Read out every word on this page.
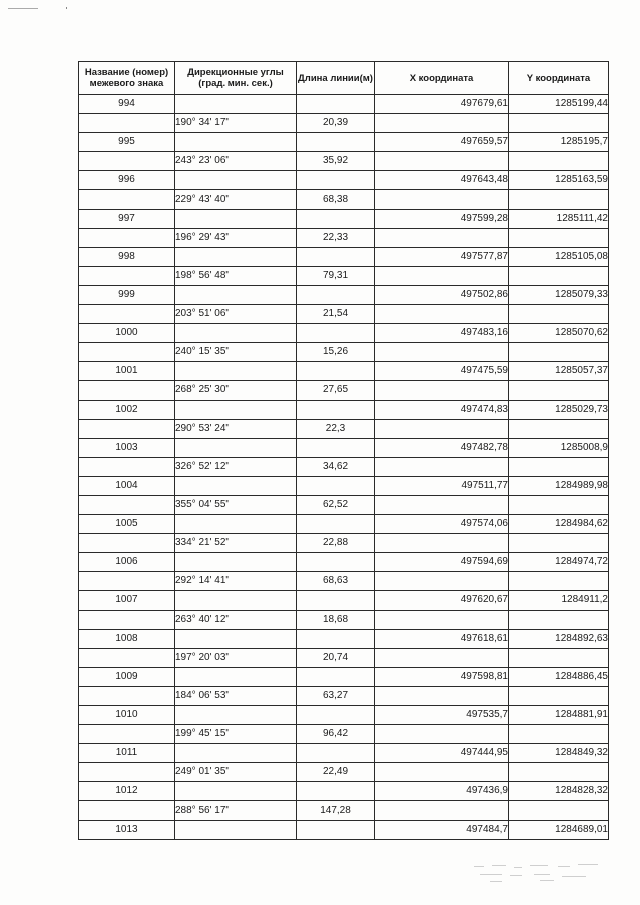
Название (номер) межевого знака	Дирекционные углы (град. мин. сек.)	Длина линии(м)	X координата	Y координата
994			497679,61	1285199,44
	190° 34' 17"	20,39		
995			497659,57	1285195,7
	243° 23' 06"	35,92		
996			497643,48	1285163,59
	229° 43' 40"	68,38		
997			497599,28	1285111,42
	196° 29' 43"	22,33		
998			497577,87	1285105,08
	198° 56' 48"	79,31		
999			497502,86	1285079,33
	203° 51' 06"	21,54		
1000			497483,16	1285070,62
	240° 15' 35"	15,26		
1001			497475,59	1285057,37
	268° 25' 30"	27,65		
1002			497474,83	1285029,73
	290° 53' 24"	22,3		
1003			497482,78	1285008,9
	326° 52' 12"	34,62		
1004			497511,77	1284989,98
	355° 04' 55"	62,52		
1005			497574,06	1284984,62
	334° 21' 52"	22,88		
1006			497594,69	1284974,72
	292° 14' 41"	68,63		
1007			497620,67	1284911,2
	263° 40' 12"	18,68		
1008			497618,61	1284892,63
	197° 20' 03"	20,74		
1009			497598,81	1284886,45
	184° 06' 53"	63,27		
1010			497535,7	1284881,91
	199° 45' 15"	96,42		
1011			497444,95	1284849,32
	249° 01' 35"	22,49		
1012			497436,9	1284828,32
	288° 56' 17"	147,28		
1013			497484,7	1284689,01
